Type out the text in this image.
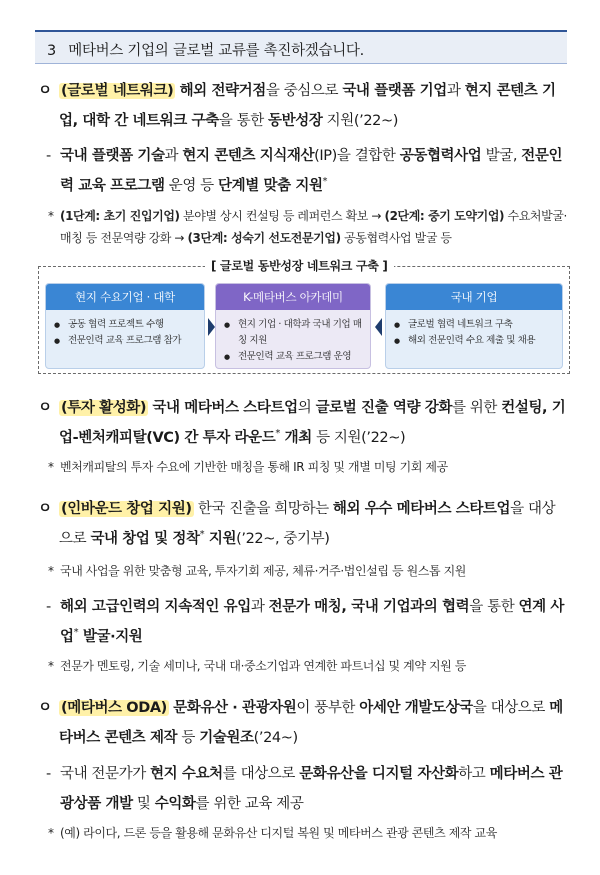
3 메타버스 기업의 글로벌 교류를 촉진하겠습니다.
ㅇ (글로벌 네트워크) 해외 전략거점을 중심으로 국내 플랫폼 기업과 현지 콘텐츠 기업, 대학 간 네트워크 구축을 통한 동반성장 지원(’22~)
- 국내 플랫폼 기술과 현지 콘텐츠 지식재산(IP)을 결합한 공동협력사업 발굴, 전문인력 교육 프로그램 운영 등 단계별 맞춤 지원*
* (1단계: 초기 진입기업) 분야별 상시 컨설팅 등 레퍼런스 확보 → (2단계: 중기 도약기업) 수요처발굴·매칭 등 전문역량 강화 → (3단계: 성숙기 선도전문기업) 공동협력사업 발굴 등
[ 글로벌 동반성장 네트워크 구축 ]
현지 수요기업 · 대학
● 공동 협력 프로젝트 수행
● 전문인력 교육 프로그램 참가
K-메타버스 아카데미
● 현지 기업 · 대학과 국내 기업 매칭 지원
● 전문인력 교육 프로그램 운영
국내 기업
● 글로벌 협력 네트워크 구축
● 해외 전문인력 수요 제출 및 채용
ㅇ (투자 활성화) 국내 메타버스 스타트업의 글로벌 진출 역량 강화를 위한 컨설팅, 기업-벤처캐피탈(VC) 간 투자 라운드* 개최 등 지원(’22~)
* 벤처캐피탈의 투자 수요에 기반한 매칭을 통해 IR 피칭 및 개별 미팅 기회 제공
ㅇ (인바운드 창업 지원) 한국 진출을 희망하는 해외 우수 메타버스 스타트업을 대상으로 국내 창업 및 정착* 지원(’22~, 중기부)
* 국내 사업을 위한 맞춤형 교육, 투자기회 제공, 체류·거주·법인설립 등 원스톱 지원
- 해외 고급인력의 지속적인 유입과 전문가 매칭, 국내 기업과의 협력을 통한 연계 사업* 발굴·지원
* 전문가 멘토링, 기술 세미나, 국내 대·중소기업과 연계한 파트너십 및 계약 지원 등
ㅇ (메타버스 ODA) 문화유산 · 관광자원이 풍부한 아세안 개발도상국을 대상으로 메타버스 콘텐츠 제작 등 기술원조(’24~)
- 국내 전문가가 현지 수요처를 대상으로 문화유산을 디지털 자산화하고 메타버스 관광상품 개발 및 수익화를 위한 교육 제공
* (예) 라이다, 드론 등을 활용해 문화유산 디지털 복원 및 메타버스 관광 콘텐츠 제작 교육
